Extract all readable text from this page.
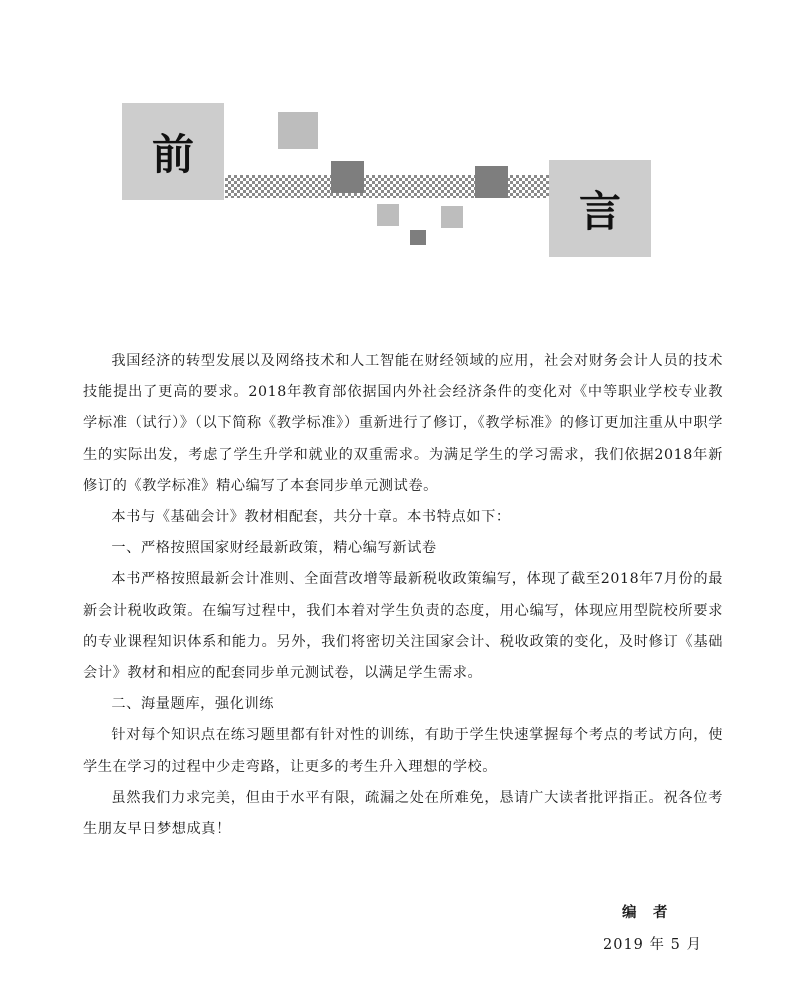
前
言

我国经济的转型发展以及网络技术和人工智能在财经领域的应用，社会对财务会计人员的技术技能提出了更高的要求。2018年教育部依据国内外社会经济条件的变化对《中等职业学校专业教学标准（试行）》（以下简称《教学标准》）重新进行了修订，《教学标准》的修订更加注重从中职学生的实际出发，考虑了学生升学和就业的双重需求。为满足学生的学习需求，我们依据2018年新修订的《教学标准》精心编写了本套同步单元测试卷。

本书与《基础会计》教材相配套，共分十章。本书特点如下：

一、严格按照国家财经最新政策，精心编写新试卷

本书严格按照最新会计准则、全面营改增等最新税收政策编写，体现了截至2018年7月份的最新会计税收政策。在编写过程中，我们本着对学生负责的态度，用心编写，体现应用型院校所要求的专业课程知识体系和能力。另外，我们将密切关注国家会计、税收政策的变化，及时修订《基础会计》教材和相应的配套同步单元测试卷，以满足学生需求。

二、海量题库，强化训练

针对每个知识点在练习题里都有针对性的训练，有助于学生快速掌握每个考点的考试方向，使学生在学习的过程中少走弯路，让更多的考生升入理想的学校。

虽然我们力求完美，但由于水平有限，疏漏之处在所难免，恳请广大读者批评指正。祝各位考生朋友早日梦想成真！

编　者
2019 年 5 月
